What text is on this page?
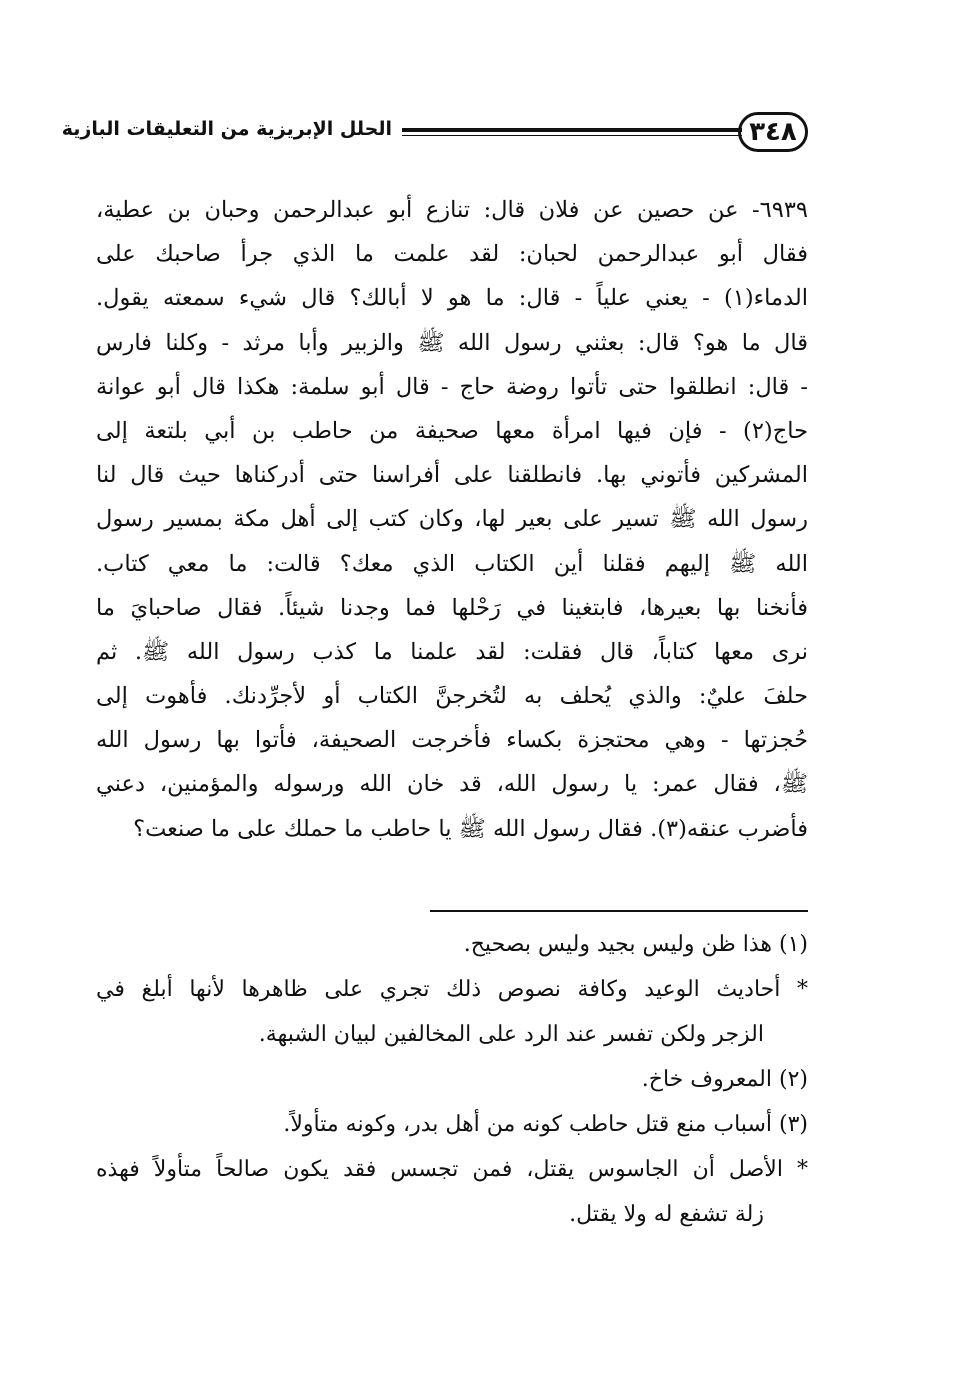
٣٤٨
الحلل الإبريزية من التعليقات البازية
٦٩٣٩- عن حصين عن فلان قال: تنازع أبو عبدالرحمن وحبان بن عطية،
فقال أبو عبدالرحمن لحبان: لقد علمت ما الذي جرأ صاحبك على
الدماء(١) - يعني علياً - قال: ما هو لا أبالك؟ قال شيء سمعته يقول.
قال ما هو؟ قال: بعثني رسول الله ﷺ والزبير وأبا مرثد - وكلنا فارس
- قال: انطلقوا حتى تأتوا روضة حاج - قال أبو سلمة: هكذا قال أبو عوانة
حاج(٢) - فإن فيها امرأة معها صحيفة من حاطب بن أبي بلتعة إلى
المشركين فأتوني بها. فانطلقنا على أفراسنا حتى أدركناها حيث قال لنا
رسول الله ﷺ تسير على بعير لها، وكان كتب إلى أهل مكة بمسير رسول
الله ﷺ إليهم فقلنا أين الكتاب الذي معك؟ قالت: ما معي كتاب.
فأنخنا بها بعيرها، فابتغينا في رَحْلها فما وجدنا شيئاً. فقال صاحبايَ ما
نرى معها كتاباً، قال فقلت: لقد علمنا ما كذب رسول الله ﷺ. ثم
حلفَ عليٌ: والذي يُحلف به لتُخرجنَّ الكتاب أو لأجرِّدنك. فأهوت إلى
حُجزتها - وهي محتجزة بكساء فأخرجت الصحيفة، فأتوا بها رسول الله
ﷺ، فقال عمر: يا رسول الله، قد خان الله ورسوله والمؤمنين، دعني
فأضرب عنقه(٣). فقال رسول الله ﷺ يا حاطب ما حملك على ما صنعت؟
(١) هذا ظن وليس بجيد وليس بصحيح.
* أحاديث الوعيد وكافة نصوص ذلك تجري على ظاهرها لأنها أبلغ في
الزجر ولكن تفسر عند الرد على المخالفين لبيان الشبهة.
(٢) المعروف خاخ.
(٣) أسباب منع قتل حاطب كونه من أهل بدر، وكونه متأولاً.
* الأصل أن الجاسوس يقتل، فمن تجسس فقد يكون صالحاً متأولاً فهذه
زلة تشفع له ولا يقتل.
